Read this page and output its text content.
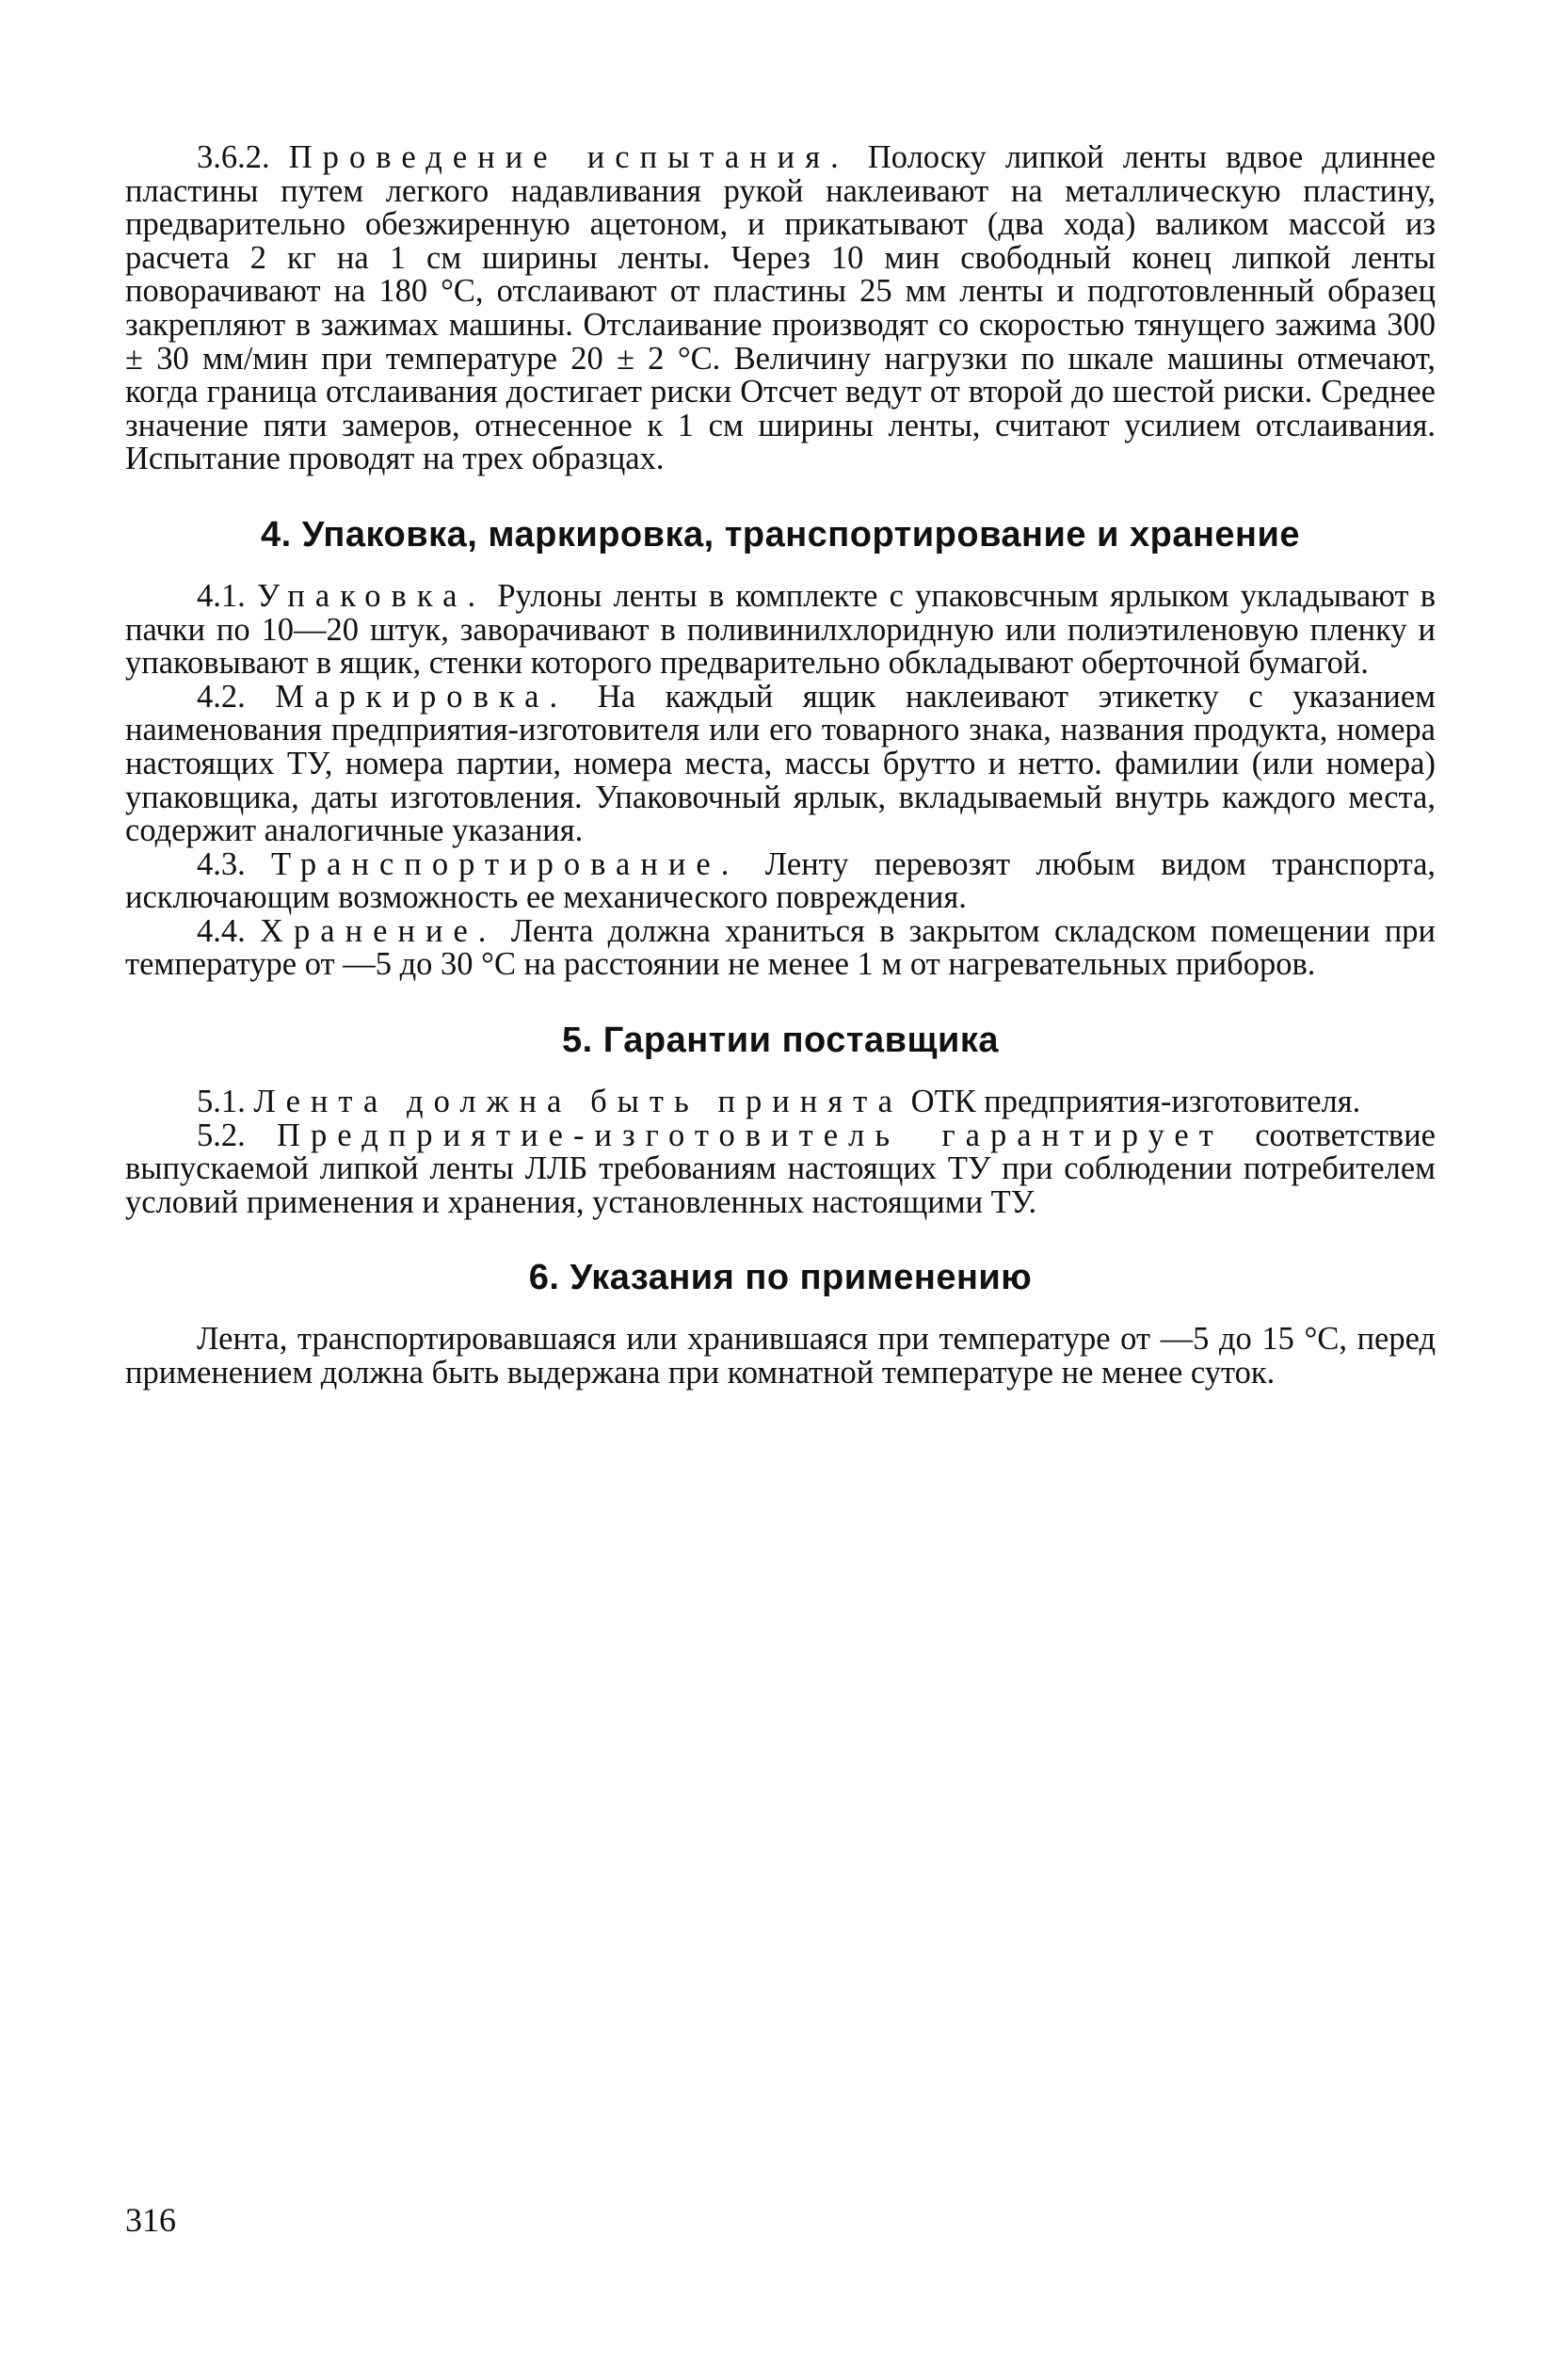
3.6.2. Проведение испытания. Полоску липкой ленты вдвое длиннее пластины путем легкого надавливания рукой наклеивают на металлическую пластину, предварительно обезжиренную ацетоном, и прикатывают (два хода) валиком массой из расчета 2 кг на 1 см ширины ленты. Через 10 мин свободный конец липкой ленты поворачивают на 180 °С, отслаивают от пластины 25 мм ленты и подготовленный образец закрепляют в зажимах машины. Отслаивание производят со скоростью тянущего зажима 300 ± 30 мм/мин при температуре 20 ± 2 °С. Величину нагрузки по шкале машины отмечают, когда граница отслаивания достигает риски Отсчет ведут от второй до шестой риски. Среднее значение пяти замеров, отнесенное к 1 см ширины ленты, считают усилием отслаивания. Испытание проводят на трех образцах.

4. Упаковка, маркировка, транспортирование и хранение

4.1. Упаковка. Рулоны ленты в комплекте с упаковсчным ярлыком укладывают в пачки по 10—20 штук, заворачивают в поливинилхлоридную или полиэтиленовую пленку и упаковывают в ящик, стенки которого предварительно обкладывают оберточной бумагой.

4.2. Маркировка. На каждый ящик наклеивают этикетку с указанием наименования предприятия-изготовителя или его товарного знака, названия продукта, номера настоящих ТУ, номера партии, номера места, массы брутто и нетто. фамилии (или номера) упаковщика, даты изготовления. Упаковочный ярлык, вкладываемый внутрь каждого места, содержит аналогичные указания.

4.3. Транспортирование. Ленту перевозят любым видом транспорта, исключающим возможность ее механического повреждения.

4.4. Хранение. Лента должна храниться в закрытом складском помещении при температуре от —5 до 30 °С на расстоянии не менее 1 м от нагревательных приборов.

5. Гарантии поставщика

5.1. Лента должна быть принята ОТК предприятия-изготовителя.

5.2. Предприятие-изготовитель гарантирует соответствие выпускаемой липкой ленты ЛЛБ требованиям настоящих ТУ при соблюдении потребителем условий применения и хранения, установленных настоящими ТУ.

6. Указания по применению

Лента, транспортировавшаяся или хранившаяся при температуре от —5 до 15 °С, перед применением должна быть выдержана при комнатной температуре не менее суток.

316
